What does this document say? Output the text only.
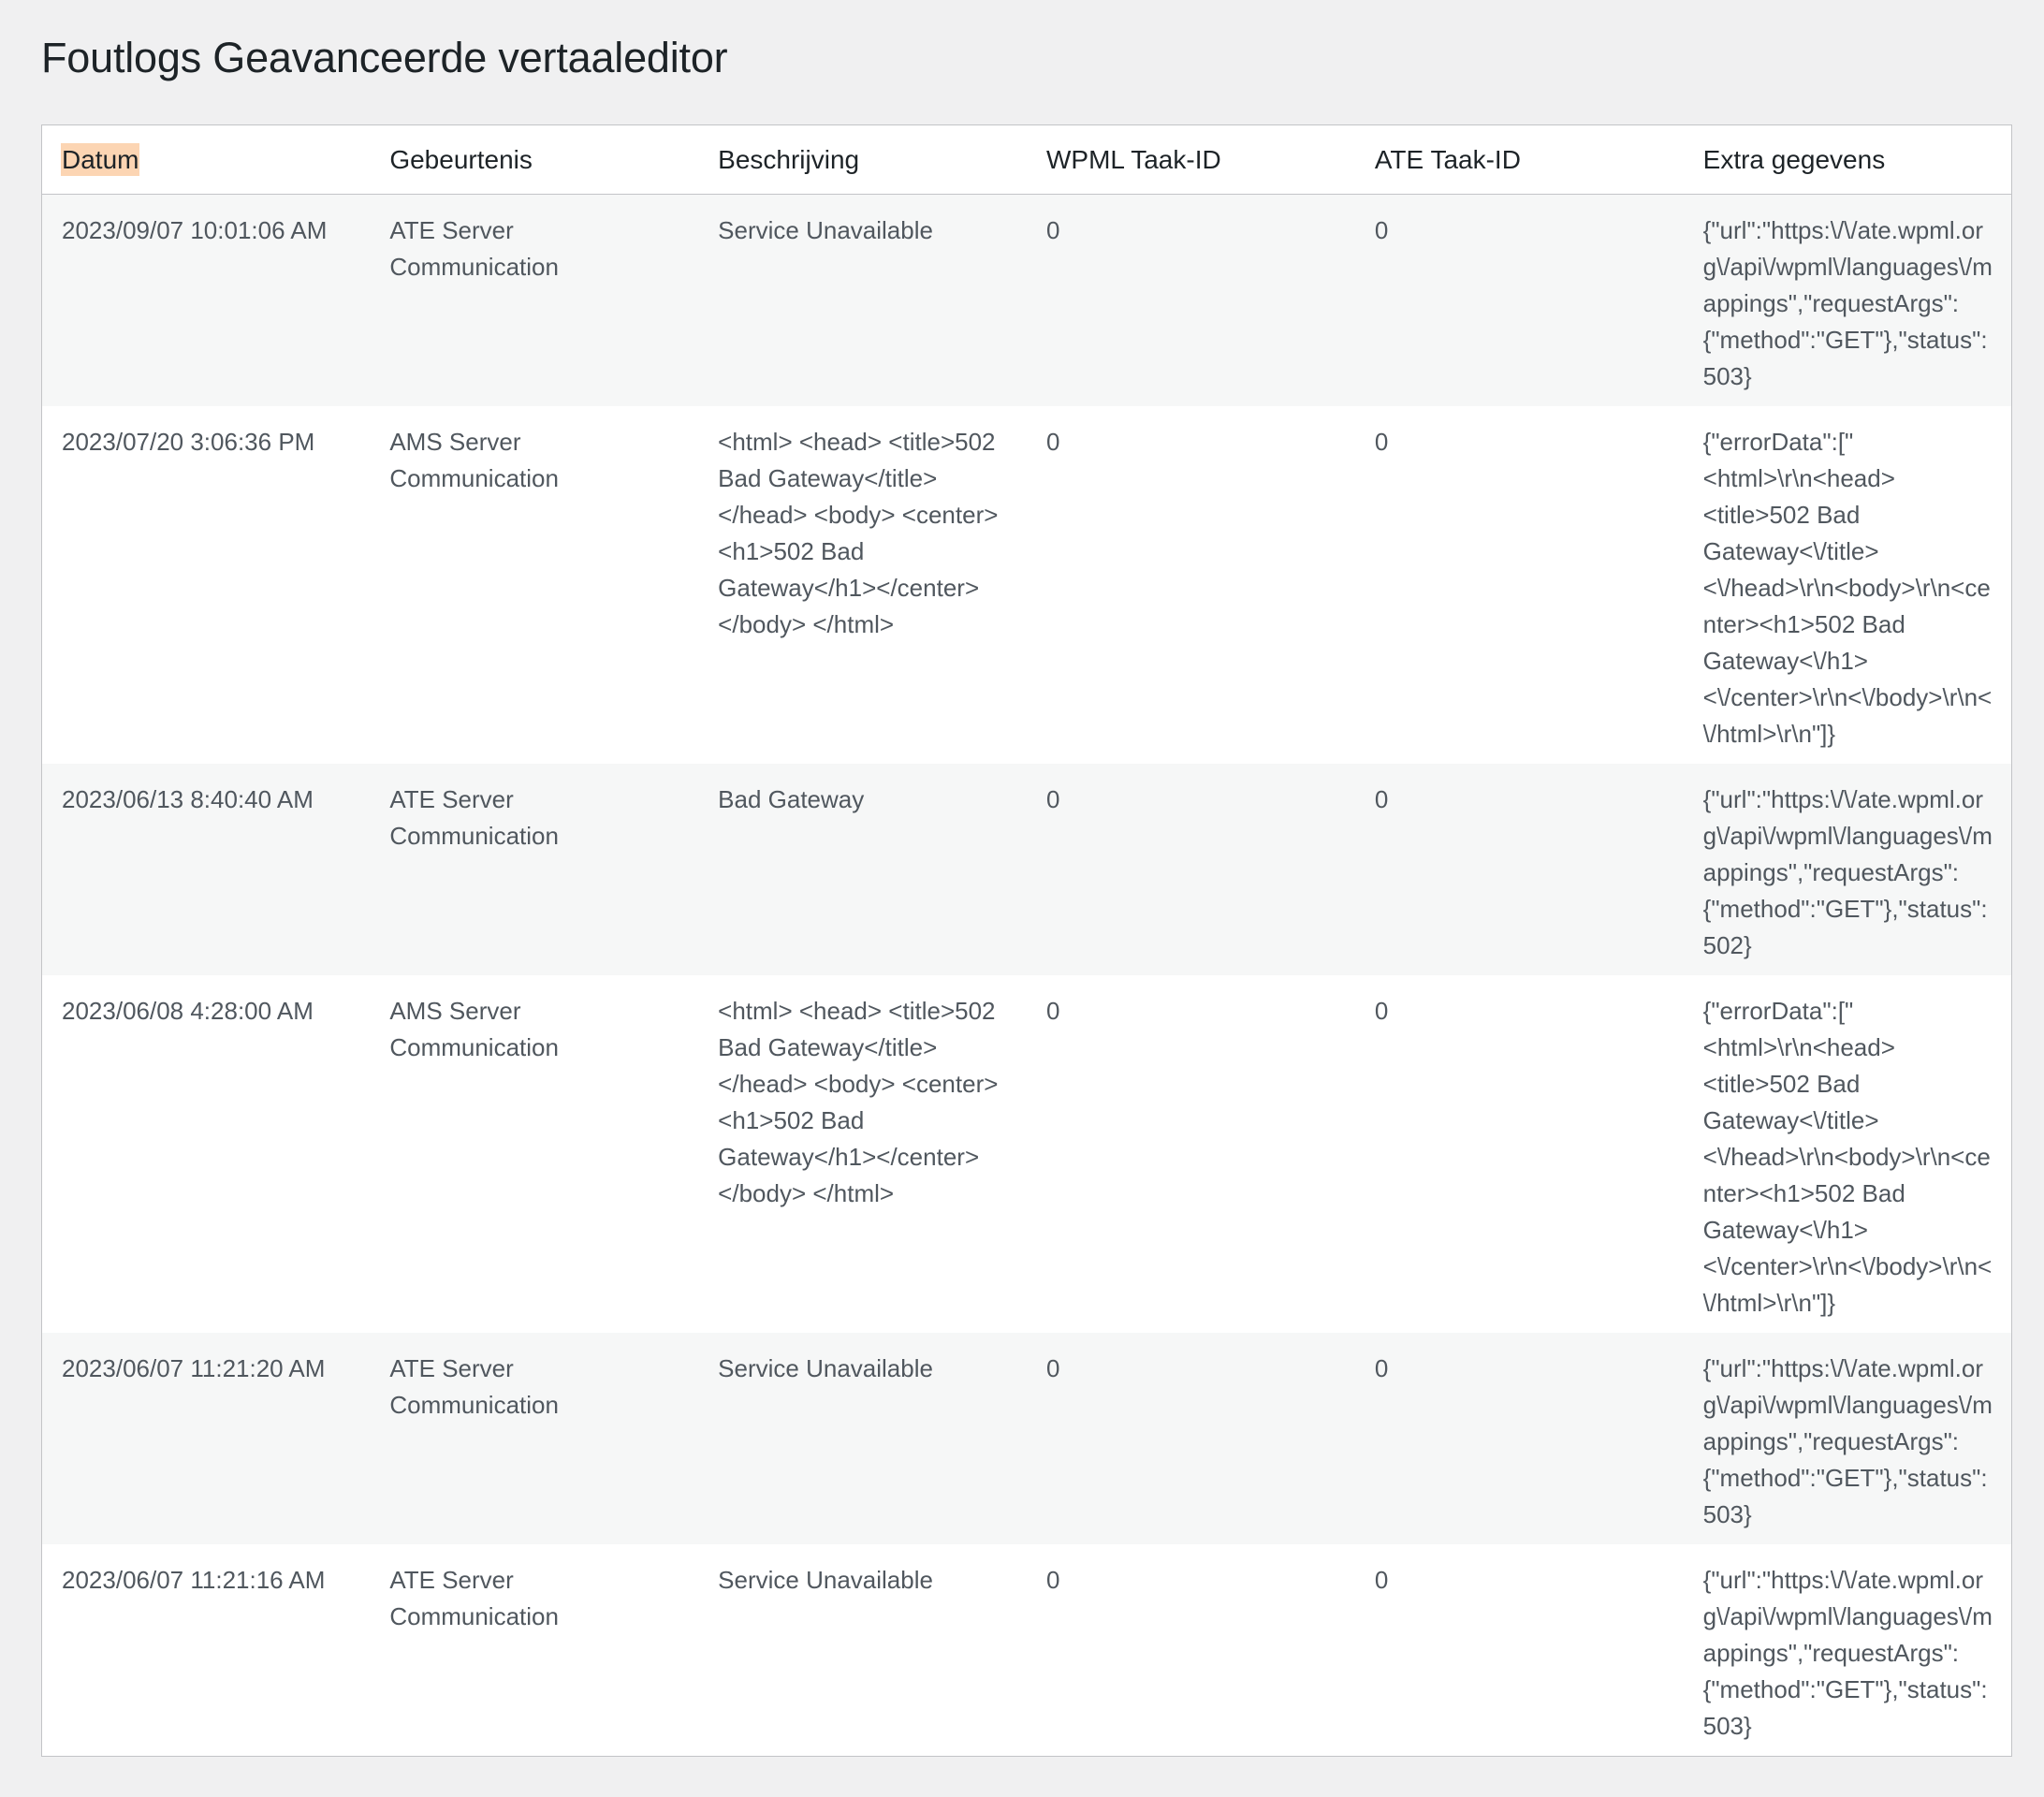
Foutlogs Geavanceerde vertaaleditor
Datum	Gebeurtenis	Beschrijving	WPML Taak-ID	ATE Taak-ID	Extra gegevens
2023/09/07 10:01:06 AM	ATE Server Communication	Service Unavailable	0	0	{"url":"https:\/\/ate.wpml.org\/api\/wpml\/languages\/mappings","requestArgs": {"method":"GET"},"status":503}
2023/07/20 3:06:36 PM	AMS Server Communication	<html> <head> <title>502 Bad Gateway</title></head> <body> <center> <h1>502 Bad Gateway</h1></center> </body> </html>	0	0	{"errorData":[" <html>\r\n<head> <title>502 Bad Gateway<\/title> <\/head>\r\n<body>\r\n<center><h1>502 Bad Gateway<\/h1> <\/center>\r\n<\/body>\r\n<\/html>\r\n"]}
2023/06/13 8:40:40 AM	ATE Server Communication	Bad Gateway	0	0	{"url":"https:\/\/ate.wpml.org\/api\/wpml\/languages\/mappings","requestArgs": {"method":"GET"},"status":502}
2023/06/08 4:28:00 AM	AMS Server Communication	<html> <head> <title>502 Bad Gateway</title></head> <body> <center> <h1>502 Bad Gateway</h1></center> </body> </html>	0	0	{"errorData":[" <html>\r\n<head> <title>502 Bad Gateway<\/title> <\/head>\r\n<body>\r\n<center><h1>502 Bad Gateway<\/h1> <\/center>\r\n<\/body>\r\n<\/html>\r\n"]}
2023/06/07 11:21:20 AM	ATE Server Communication	Service Unavailable	0	0	{"url":"https:\/\/ate.wpml.org\/api\/wpml\/languages\/mappings","requestArgs": {"method":"GET"},"status":503}
2023/06/07 11:21:16 AM	ATE Server Communication	Service Unavailable	0	0	{"url":"https:\/\/ate.wpml.org\/api\/wpml\/languages\/mappings","requestArgs": {"method":"GET"},"status":503}
